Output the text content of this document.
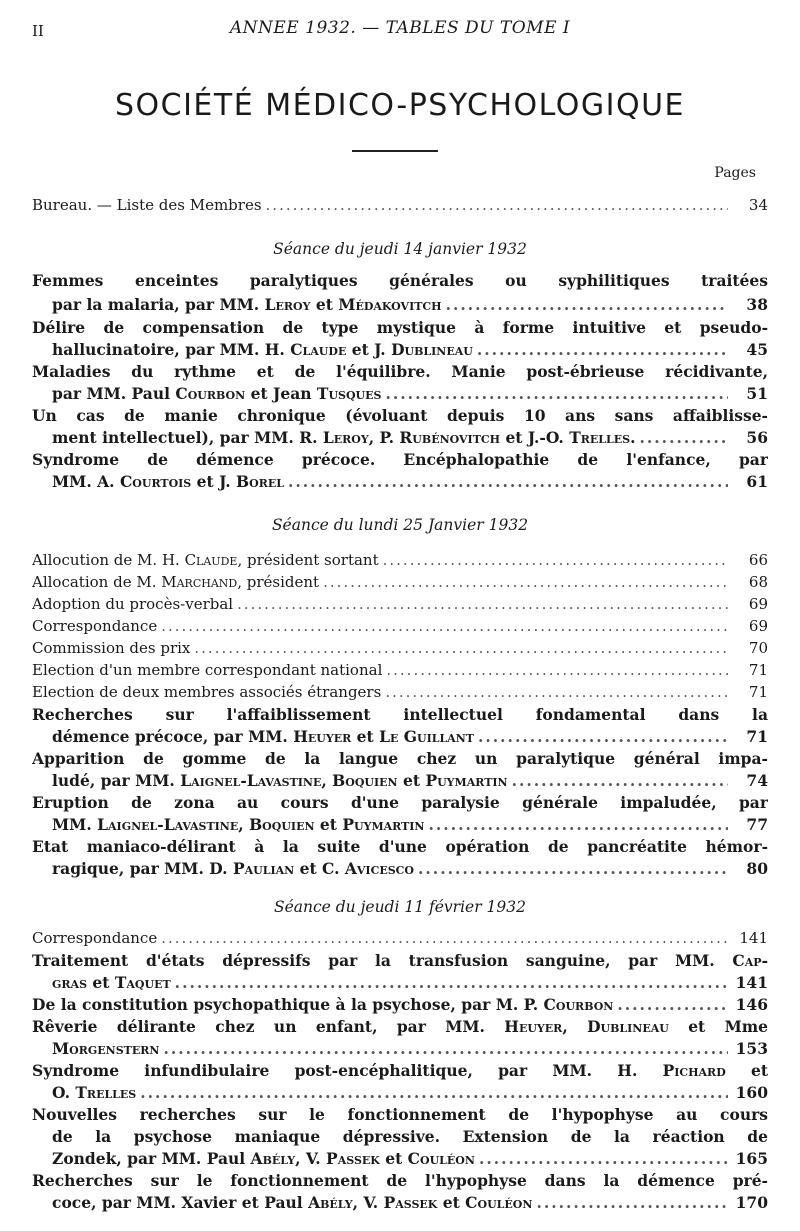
II	ANNEE 1932. — TABLES DU TOME I
SOCIÉTÉ MÉDICO-PSYCHOLOGIQUE
Pages
Bureau. — Liste des Membres .....	34
Séance du jeudi 14 janvier 1932
Femmes enceintes paralytiques générales ou syphilitiques traitées
par la malaria, par MM. Leroy et Médakovitch .....	38
Délire de compensation de type mystique à forme intuitive et pseudo-
hallucinatoire, par MM. H. Claude et J. Dublineau .....	45
Maladies du rythme et de l'équilibre. Manie post-ébrieuse récidivante,
par MM. Paul Courbon et Jean Tusques .....	51
Un cas de manie chronique (évoluant depuis 10 ans sans affaiblisse-
ment intellectuel), par MM. R. Leroy, P. Rubénovitch et J.-O. Trelles. .....	56
Syndrome de démence précoce. Encéphalopathie de l'enfance, par
MM. A. Courtois et J. Borel .....	61
Séance du lundi 25 Janvier 1932
Allocution de M. H. Claude, président sortant .....	66
Allocation de M. Marchand, président .....	68
Adoption du procès-verbal .....	69
Correspondance .....	69
Commission des prix .....	70
Election d'un membre correspondant national .....	71
Election de deux membres associés étrangers .....	71
Recherches sur l'affaiblissement intellectuel fondamental dans la
démence précoce, par MM. Heuyer et Le Guillant .....	71
Apparition de gomme de la langue chez un paralytique général impa-
ludé, par MM. Laignel-Lavastine, Boquien et Puymartin .....	74
Eruption de zona au cours d'une paralysie générale impaludée, par
MM. Laignel-Lavastine, Boquien et Puymartin .....	77
Etat maniaco-délirant à la suite d'une opération de pancréatite hémor-
ragique, par MM. D. Paulian et C. Avicesco .....	80
Séance du jeudi 11 février 1932
Correspondance .....	141
Traitement d'états dépressifs par la transfusion sanguine, par MM. Cap-
gras et Taquet .....	141
De la constitution psychopathique à la psychose, par M. P. Courbon .....	146
Rêverie délirante chez un enfant, par MM. Heuyer, Dublineau et Mme
Morgenstern .....	153
Syndrome infundibulaire post-encéphalitique, par MM. H. Pichard et
O. Trelles .....	160
Nouvelles recherches sur le fonctionnement de l'hypophyse au cours
de la psychose maniaque dépressive. Extension de la réaction de
Zondek, par MM. Paul Abély, V. Passek et Couléon .....	165
Recherches sur le fonctionnement de l'hypophyse dans la démence pré-
coce, par MM. Xavier et Paul Abély, V. Passek et Couléon .....	170
